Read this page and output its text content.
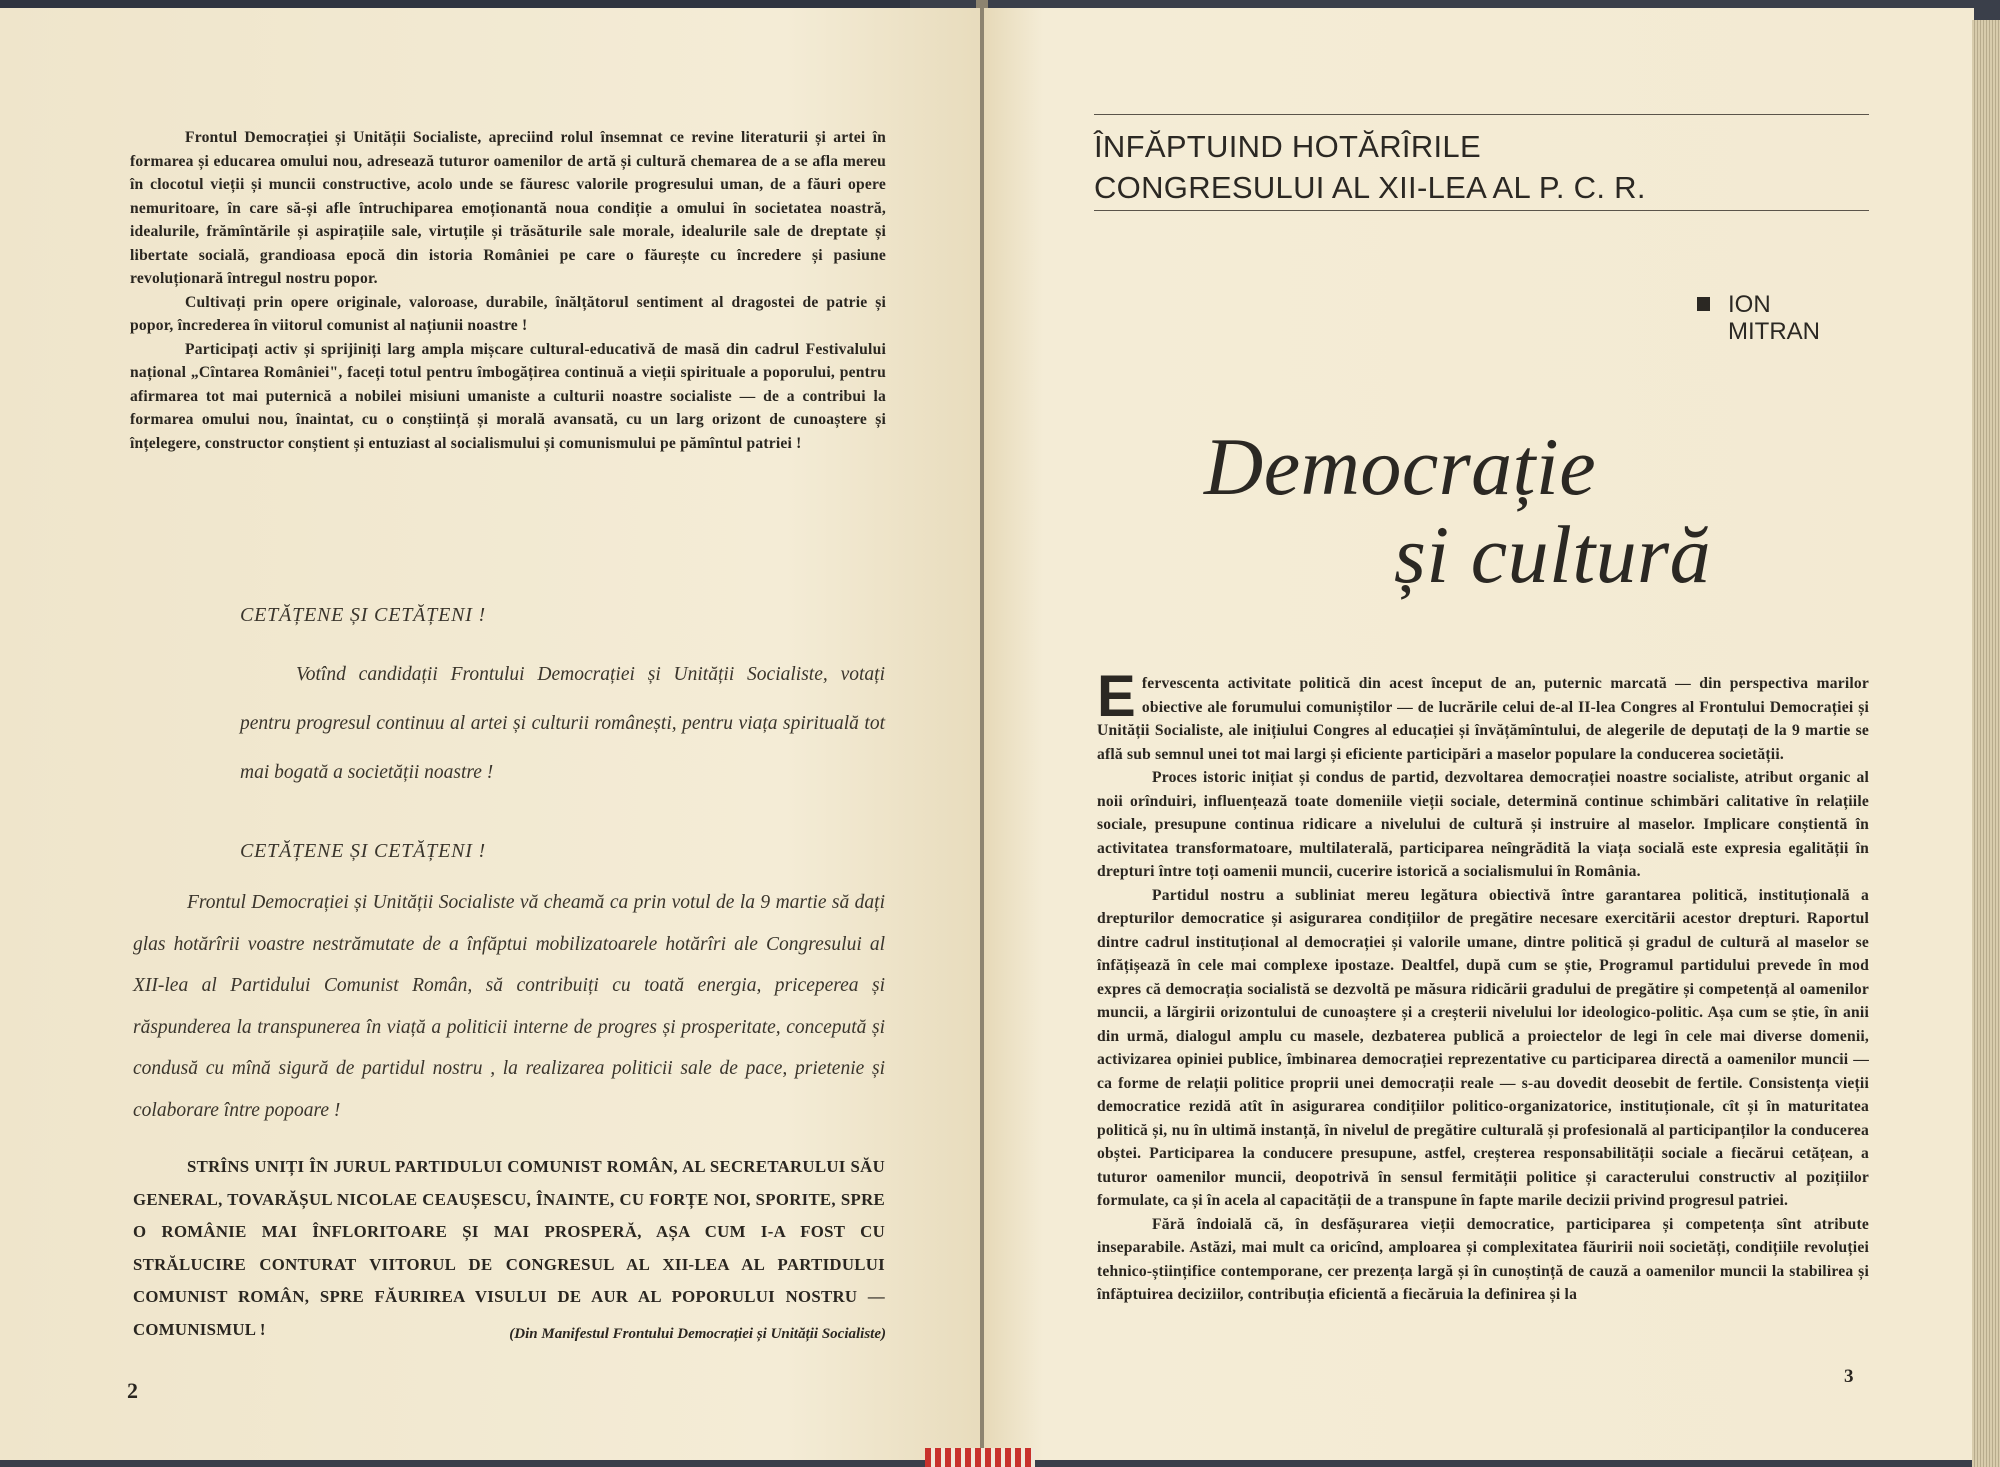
Frontul Democrației și Unității Socialiste, apreciind rolul însemnat ce revine literaturii și artei în formarea și educarea omului nou, adresează tuturor oamenilor de artă și cultură chemarea de a se afla mereu în clocotul vieții și muncii constructive, acolo unde se făuresc valorile progresului uman, de a făuri opere nemuritoare, în care să-și afle întruchiparea emoționantă noua condiție a omului în societatea noastră, idealurile, frămîntările și aspirațiile sale, virtuțile și trăsăturile sale morale, idealurile sale de dreptate și libertate socială, grandioasa epocă din istoria României pe care o făurește cu încredere și pasiune revoluționară întregul nostru popor.

Cultivați prin opere originale, valoroase, durabile, înălțătorul sentiment al dragostei de patrie și popor, încrederea în viitorul comunist al națiunii noastre !

Participați activ și sprijiniți larg ampla mișcare cultural-educativă de masă din cadrul Festivalului național „Cîntarea României", faceți totul pentru îmbogățirea continuă a vieții spirituale a poporului, pentru afirmarea tot mai puternică a nobilei misiuni umaniste a culturii noastre socialiste — de a contribui la formarea omului nou, înaintat, cu o conștiință și morală avansată, cu un larg orizont de cunoaștere și înțelegere, constructor conștient și entuziast al socialismului și comunismului pe pămîntul patriei !

CETĂȚENE ȘI CETĂȚENI !

Votînd candidații Frontului Democrației și Unității Socialiste, votați pentru progresul continuu al artei și culturii românești, pentru viața spirituală tot mai bogată a societății noastre !

CETĂȚENE ȘI CETĂȚENI !

Frontul Democrației și Unității Socialiste vă cheamă ca prin votul de la 9 martie să dați glas hotărîrii voastre nestrămutate de a înfăptui mobilizatoarele hotărîri ale Congresului al XII-lea al Partidului Comunist Român, să contribuiți cu toată energia, priceperea și răspunderea la transpunerea în viață a politicii interne de progres și prosperitate, concepută și condusă cu mînă sigură de partidul nostru , la realizarea politicii sale de pace, prietenie și colaborare între popoare !

STRÎNS UNIȚI ÎN JURUL PARTIDULUI COMUNIST ROMÂN, AL SECRETARULUI SĂU GENERAL, TOVARĂȘUL NICOLAE CEAUȘESCU, ÎNAINTE, CU FORȚE NOI, SPORITE, SPRE O ROMÂNIE MAI ÎNFLORITOARE ȘI MAI PROSPERĂ, AȘA CUM I-A FOST CU STRĂLUCIRE CONTURAT VIITORUL DE CONGRESUL AL XII-LEA AL PARTIDULUI COMUNIST ROMÂN, SPRE FĂURIREA VISULUI DE AUR AL POPORULUI NOSTRU — COMUNISMUL !	(Din Manifestul Frontului Democrației și Unității Socialiste)
2
ÎNFĂPTUIND HOTĂRÎRILE
CONGRESULUI AL XII-LEA AL P. C. R.
ION
MITRAN
Democrație
și cultură

Efervescenta activitate politică din acest început de an, puternic marcată — din perspectiva marilor obiective ale forumului comuniștilor — de lucrările celui de-al II-lea Congres al Frontului Democrației și Unității Socialiste, ale inițiului Congres al educației și învățămîntului, de alegerile de deputați de la 9 martie se află sub semnul unei tot mai largi și eficiente participări a maselor populare la conducerea societății.

Proces istoric inițiat și condus de partid, dezvoltarea democrației noastre socialiste, atribut organic al noii orînduiri, influențează toate domeniile vieții sociale, determină continue schimbări calitative în relațiile sociale, presupune continua ridicare a nivelului de cultură și instruire al maselor. Implicare conștientă în activitatea transformatoare, multilaterală, participarea neîngrădită la viața socială este expresia egalității în drepturi între toți oamenii muncii, cucerire istorică a socialismului în România.

Partidul nostru a subliniat mereu legătura obiectivă între garantarea politică, instituțională a drepturilor democratice și asigurarea condițiilor de pregătire necesare exercitării acestor drepturi. Raportul dintre cadrul instituțional al democrației și valorile umane, dintre politică și gradul de cultură al maselor se înfățișează în cele mai complexe ipostaze. Dealtfel, după cum se știe, Programul partidului prevede în mod expres că democrația socialistă se dezvoltă pe măsura ridicării gradului de pregătire și competență al oamenilor muncii, a lărgirii orizontului de cunoaștere și a creșterii nivelului lor ideologico-politic. Așa cum se știe, în anii din urmă, dialogul amplu cu masele, dezbaterea publică a proiectelor de legi în cele mai diverse domenii, activizarea opiniei publice, îmbinarea democrației reprezentative cu participarea directă a oamenilor muncii — ca forme de relații politice proprii unei democrații reale — s-au dovedit deosebit de fertile. Consistența vieții democratice rezidă atît în asigurarea condițiilor politico-organizatorice, instituționale, cît și în maturitatea politică și, nu în ultimă instanță, în nivelul de pregătire culturală și profesională al participanților la conducerea obștei. Participarea la conducere presupune, astfel, creșterea responsabilității sociale a fiecărui cetățean, a tuturor oamenilor muncii, deopotrivă în sensul fermității politice și caracterului constructiv al pozițiilor formulate, ca și în acela al capacității de a transpune în fapte marile decizii privind progresul patriei.

Fără îndoială că, în desfășurarea vieții democratice, participarea și competența sînt atribute inseparabile. Astăzi, mai mult ca oricînd, amploarea și complexitatea făuririi noii societăți, condițiile revoluției tehnico-științifice contemporane, cer prezența largă și în cunoștință de cauză a oamenilor muncii la stabilirea și înfăptuirea deciziilor, contribuția eficientă a fiecăruia la definirea și la

3
